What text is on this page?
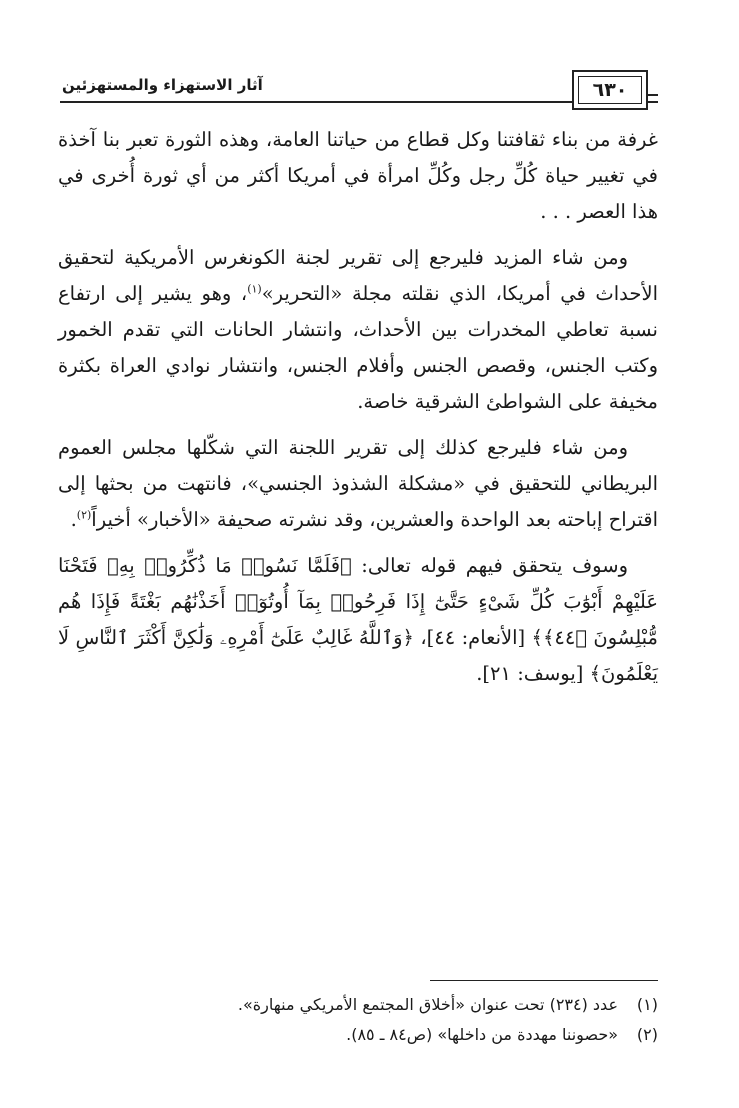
٦٣٠
آثار الاستهزاء والمستهزئين

غرفة من بناء ثقافتنا وكل قطاع من حياتنا العامة، وهذه الثورة تعبر بنا آخذة في تغيير حياة كُلِّ رجل وكُلِّ امرأة في أمريكا أكثر من أي ثورة أُخرى في هذا العصر . . .

ومن شاء المزيد فليرجع إلى تقرير لجنة الكونغرس الأمريكية لتحقيق الأحداث في أمريكا، الذي نقلته مجلة «التحرير»$^{(١)}$، وهو يشير إلى ارتفاع نسبة تعاطي المخدرات بين الأحداث، وانتشار الحانات التي تقدم الخمور وكتب الجنس، وقصص الجنس وأفلام الجنس، وانتشار نوادي العراة بكثرة مخيفة على الشواطئ الشرقية خاصة.

ومن شاء فليرجع كذلك إلى تقرير اللجنة التي شكّلها مجلس العموم البريطاني للتحقيق في «مشكلة الشذوذ الجنسي»، فانتهت من بحثها إلى اقتراح إباحته بعد الواحدة والعشرين، وقد نشرته صحيفة «الأخبار» أخيراً$^{(٢)}$.

وسوف يتحقق فيهم قوله تعالى: ﴿فَلَمَّا نَسُوا۟ مَا ذُكِّرُوا۟ بِهِۦ فَتَحْنَا عَلَيْهِمْ أَبْوَٰبَ كُلِّ شَىْءٍ حَتَّىٰٓ إِذَا فَرِحُوا۟ بِمَآ أُوتُوٓا۟ أَخَذْنَٰهُم بَغْتَةً فَإِذَا هُم مُّبْلِسُونَ ﴿٤٤﴾﴾ [الأنعام: ٤٤]، ﴿وَٱللَّهُ غَالِبٌ عَلَىٰٓ أَمْرِهِۦ وَلَٰكِنَّ أَكْثَرَ ٱلنَّاسِ لَا يَعْلَمُونَ﴾ [يوسف: ٢١].

(١)عدد (٢٣٤) تحت عنوان «أخلاق المجتمع الأمريكي منهارة».
(٢)«حصوننا مهددة من داخلها» (ص٨٤ ـ ٨٥).
